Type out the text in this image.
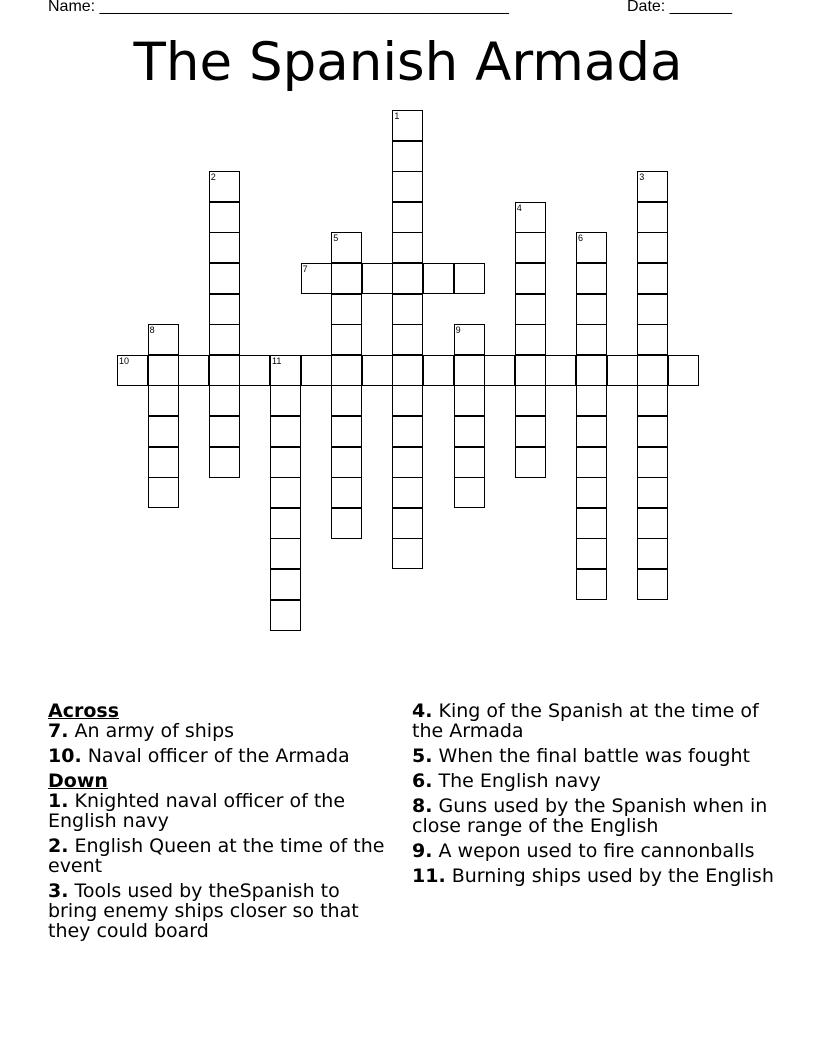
Name: ______________________________________________	Date: _______
The Spanish Armada
7
10	11
1
2	3
4
5	6
8	9
Across
7. An army of ships
10. Naval officer of the Armada
Down
1. Knighted naval officer of the English navy
2. English Queen at the time of the event
3. Tools used by theSpanish to bring enemy ships closer so that they could board
4. King of the Spanish at the time of the Armada
5. When the final battle was fought
6. The English navy
8. Guns used by the Spanish when in close range of the English
9. A wepon used to fire cannonballs
11. Burning ships used by the English
